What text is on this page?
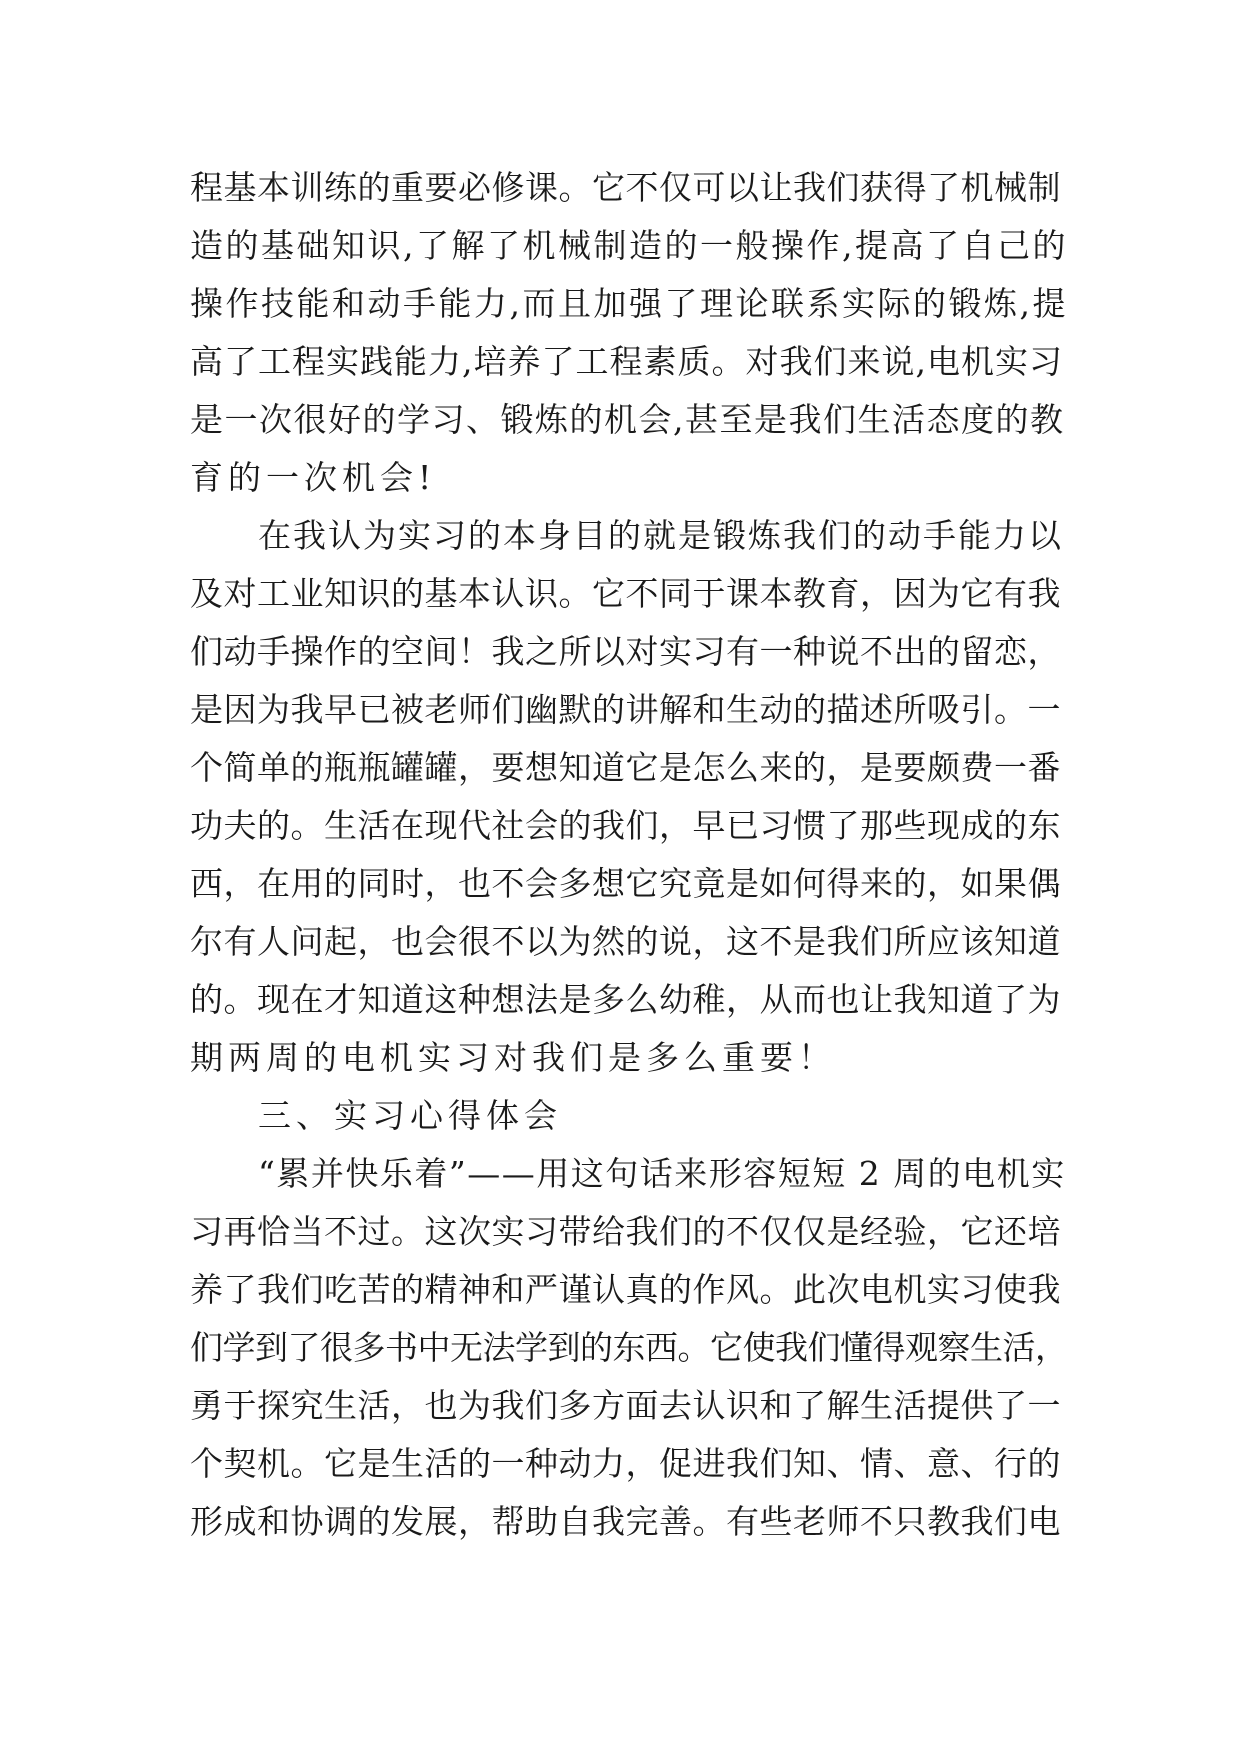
程基本训练的重要必修课。它不仅可以让我们获得了机械制
造的基础知识,了解了机械制造的一般操作,提高了自己的
操作技能和动手能力,而且加强了理论联系实际的锻炼,提
高了工程实践能力,培养了工程素质。对我们来说,电机实习
是一次很好的学习、锻炼的机会,甚至是我们生活态度的教
育的一次机会!
在我认为实习的本身目的就是锻炼我们的动手能力以
及对工业知识的基本认识。它不同于课本教育，因为它有我
们动手操作的空间！我之所以对实习有一种说不出的留恋，
是因为我早已被老师们幽默的讲解和生动的描述所吸引。一
个简单的瓶瓶罐罐，要想知道它是怎么来的，是要颇费一番
功夫的。生活在现代社会的我们，早已习惯了那些现成的东
西，在用的同时，也不会多想它究竟是如何得来的，如果偶
尔有人问起，也会很不以为然的说，这不是我们所应该知道
的。现在才知道这种想法是多么幼稚，从而也让我知道了为
期两周的电机实习对我们是多么重要！
三、实习心得体会
“累并快乐着”——用这句话来形容短短 2 周的电机实
习再恰当不过。这次实习带给我们的不仅仅是经验，它还培
养了我们吃苦的精神和严谨认真的作风。此次电机实习使我
们学到了很多书中无法学到的东西。它使我们懂得观察生活，
勇于探究生活，也为我们多方面去认识和了解生活提供了一
个契机。它是生活的一种动力，促进我们知、情、意、行的
形成和协调的发展，帮助自我完善。有些老师不只教我们电
